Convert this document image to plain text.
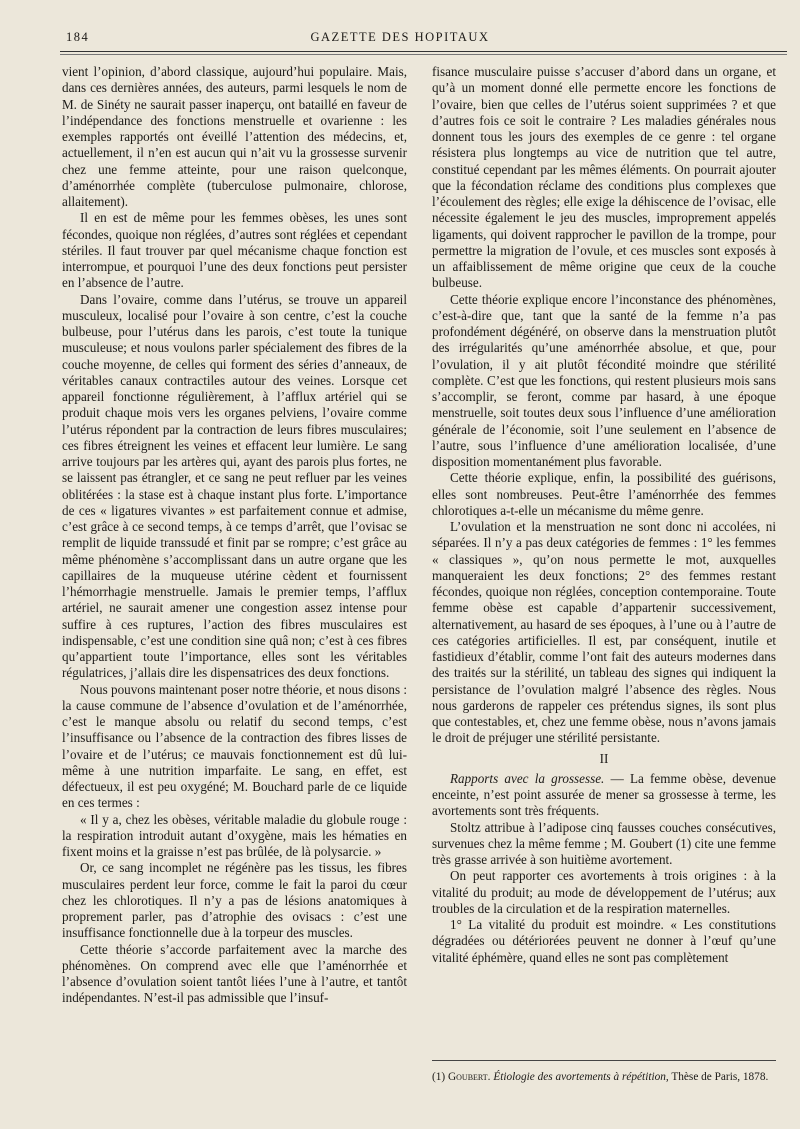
184	GAZETTE DES HOPITAUX

vient l’opinion, d’abord classique, aujourd’hui populaire. Mais, dans ces dernières années, des auteurs, parmi lesquels le nom de M. de Sinéty ne saurait passer inaperçu, ont bataillé en faveur de l’indépendance des fonctions menstruelle et ovarienne : les exemples rapportés ont éveillé l’attention des médecins, et, actuellement, il n’en est aucun qui n’ait vu la grossesse survenir chez une femme atteinte, pour une raison quelconque, d’aménorrhée complète (tuberculose pulmonaire, chlorose, allaitement).

Il en est de même pour les femmes obèses, les unes sont fécondes, quoique non réglées, d’autres sont réglées et cependant stériles. Il faut trouver par quel mécanisme chaque fonction est interrompue, et pourquoi l’une des deux fonctions peut persister en l’absence de l’autre.

Dans l’ovaire, comme dans l’utérus, se trouve un appareil musculeux, localisé pour l’ovaire à son centre, c’est la couche bulbeuse, pour l’utérus dans les parois, c’est toute la tunique musculeuse; et nous voulons parler spécialement des fibres de la couche moyenne, de celles qui forment des séries d’anneaux, de véritables canaux contractiles autour des veines. Lorsque cet appareil fonctionne régulièrement, à l’afflux artériel qui se produit chaque mois vers les organes pelviens, l’ovaire comme l’utérus répondent par la contraction de leurs fibres musculaires; ces fibres étreignent les veines et effacent leur lumière. Le sang arrive toujours par les artères qui, ayant des parois plus fortes, ne se laissent pas étrangler, et ce sang ne peut refluer par les veines oblitérées : la stase est à chaque instant plus forte. L’importance de ces « ligatures vivantes » est parfaitement connue et admise, c’est grâce à ce second temps, à ce temps d’arrêt, que l’ovisac se remplit de liquide transsudé et finit par se rompre; c’est grâce au même phénomène s’accomplissant dans un autre organe que les capillaires de la muqueuse utérine cèdent et fournissent l’hémorrhagie menstruelle. Jamais le premier temps, l’afflux artériel, ne saurait amener une congestion assez intense pour suffire à ces ruptures, l’action des fibres musculaires est indispensable, c’est une condition sine quâ non; c’est à ces fibres qu’appartient toute l’importance, elles sont les véritables régulatrices, j’allais dire les dispensatrices des deux fonctions.

Nous pouvons maintenant poser notre théorie, et nous disons : la cause commune de l’absence d’ovulation et de l’aménorrhée, c’est le manque absolu ou relatif du second temps, c’est l’insuffisance ou l’absence de la contraction des fibres lisses de l’ovaire et de l’utérus; ce mauvais fonctionnement est dû lui-même à une nutrition imparfaite. Le sang, en effet, est défectueux, il est peu oxygéné; M. Bouchard parle de ce liquide en ces termes :

« Il y a, chez les obèses, véritable maladie du globule rouge : la respiration introduit autant d’oxygène, mais les hématies en fixent moins et la graisse n’est pas brûlée, de là polysarcie. »

Or, ce sang incomplet ne régénère pas les tissus, les fibres musculaires perdent leur force, comme le fait la paroi du cœur chez les chlorotiques. Il n’y a pas de lésions anatomiques à proprement parler, pas d’atrophie des ovisacs : c’est une insuffisance fonctionnelle due à la torpeur des muscles.

Cette théorie s’accorde parfaitement avec la marche des phénomènes. On comprend avec elle que l’aménorrhée et l’absence d’ovulation soient tantôt liées l’une à l’autre, et tantôt indépendantes. N’est-il pas admissible que l’insuf-

fisance musculaire puisse s’accuser d’abord dans un organe, et qu’à un moment donné elle permette encore les fonctions de l’ovaire, bien que celles de l’utérus soient supprimées ? et que d’autres fois ce soit le contraire ? Les maladies générales nous donnent tous les jours des exemples de ce genre : tel organe résistera plus longtemps au vice de nutrition que tel autre, constitué cependant par les mêmes éléments. On pourrait ajouter que la fécondation réclame des conditions plus complexes que l’écoulement des règles; elle exige la déhiscence de l’ovisac, elle nécessite également le jeu des muscles, improprement appelés ligaments, qui doivent rapprocher le pavillon de la trompe, pour permettre la migration de l’ovule, et ces muscles sont exposés à un affaiblissement de même origine que ceux de la couche bulbeuse.

Cette théorie explique encore l’inconstance des phénomènes, c’est-à-dire que, tant que la santé de la femme n’a pas profondément dégénéré, on observe dans la menstruation plutôt des irrégularités qu’une aménorrhée absolue, et que, pour l’ovulation, il y ait plutôt fécondité moindre que stérilité complète. C’est que les fonctions, qui restent plusieurs mois sans s’accomplir, se feront, comme par hasard, à une époque menstruelle, soit toutes deux sous l’influence d’une amélioration générale de l’économie, soit l’une seulement en l’absence de l’autre, sous l’influence d’une amélioration localisée, d’une disposition momentanément plus favorable.

Cette théorie explique, enfin, la possibilité des guérisons, elles sont nombreuses. Peut-être l’aménorrhée des femmes chlorotiques a-t-elle un mécanisme du même genre.

L’ovulation et la menstruation ne sont donc ni accolées, ni séparées. Il n’y a pas deux catégories de femmes : 1° les femmes « classiques », qu’on nous permette le mot, auxquelles manqueraient les deux fonctions; 2° des femmes restant fécondes, quoique non réglées, conception contemporaine. Toute femme obèse est capable d’appartenir successivement, alternativement, au hasard de ses époques, à l’une ou à l’autre de ces catégories artificielles. Il est, par conséquent, inutile et fastidieux d’établir, comme l’ont fait des auteurs modernes dans des traités sur la stérilité, un tableau des signes qui indiquent la persistance de l’ovulation malgré l’absence des règles. Nous nous garderons de rappeler ces prétendus signes, ils sont plus que contestables, et, chez une femme obèse, nous n’avons jamais le droit de préjuger une stérilité persistante.

II

Rapports avec la grossesse. — La femme obèse, devenue enceinte, n’est point assurée de mener sa grossesse à terme, les avortements sont très fréquents.

Stoltz attribue à l’adipose cinq fausses couches consécutives, survenues chez la même femme ; M. Goubert (1) cite une femme très grasse arrivée à son huitième avortement.

On peut rapporter ces avortements à trois origines : à la vitalité du produit; au mode de développement de l’utérus; aux troubles de la circulation et de la respiration maternelles.

1° La vitalité du produit est moindre. « Les constitutions dégradées ou détériorées peuvent ne donner à l’œuf qu’une vitalité éphémère, quand elles ne sont pas complètement

(1) Goubert. Étiologie des avortements à répétition, Thèse de Paris, 1878.
